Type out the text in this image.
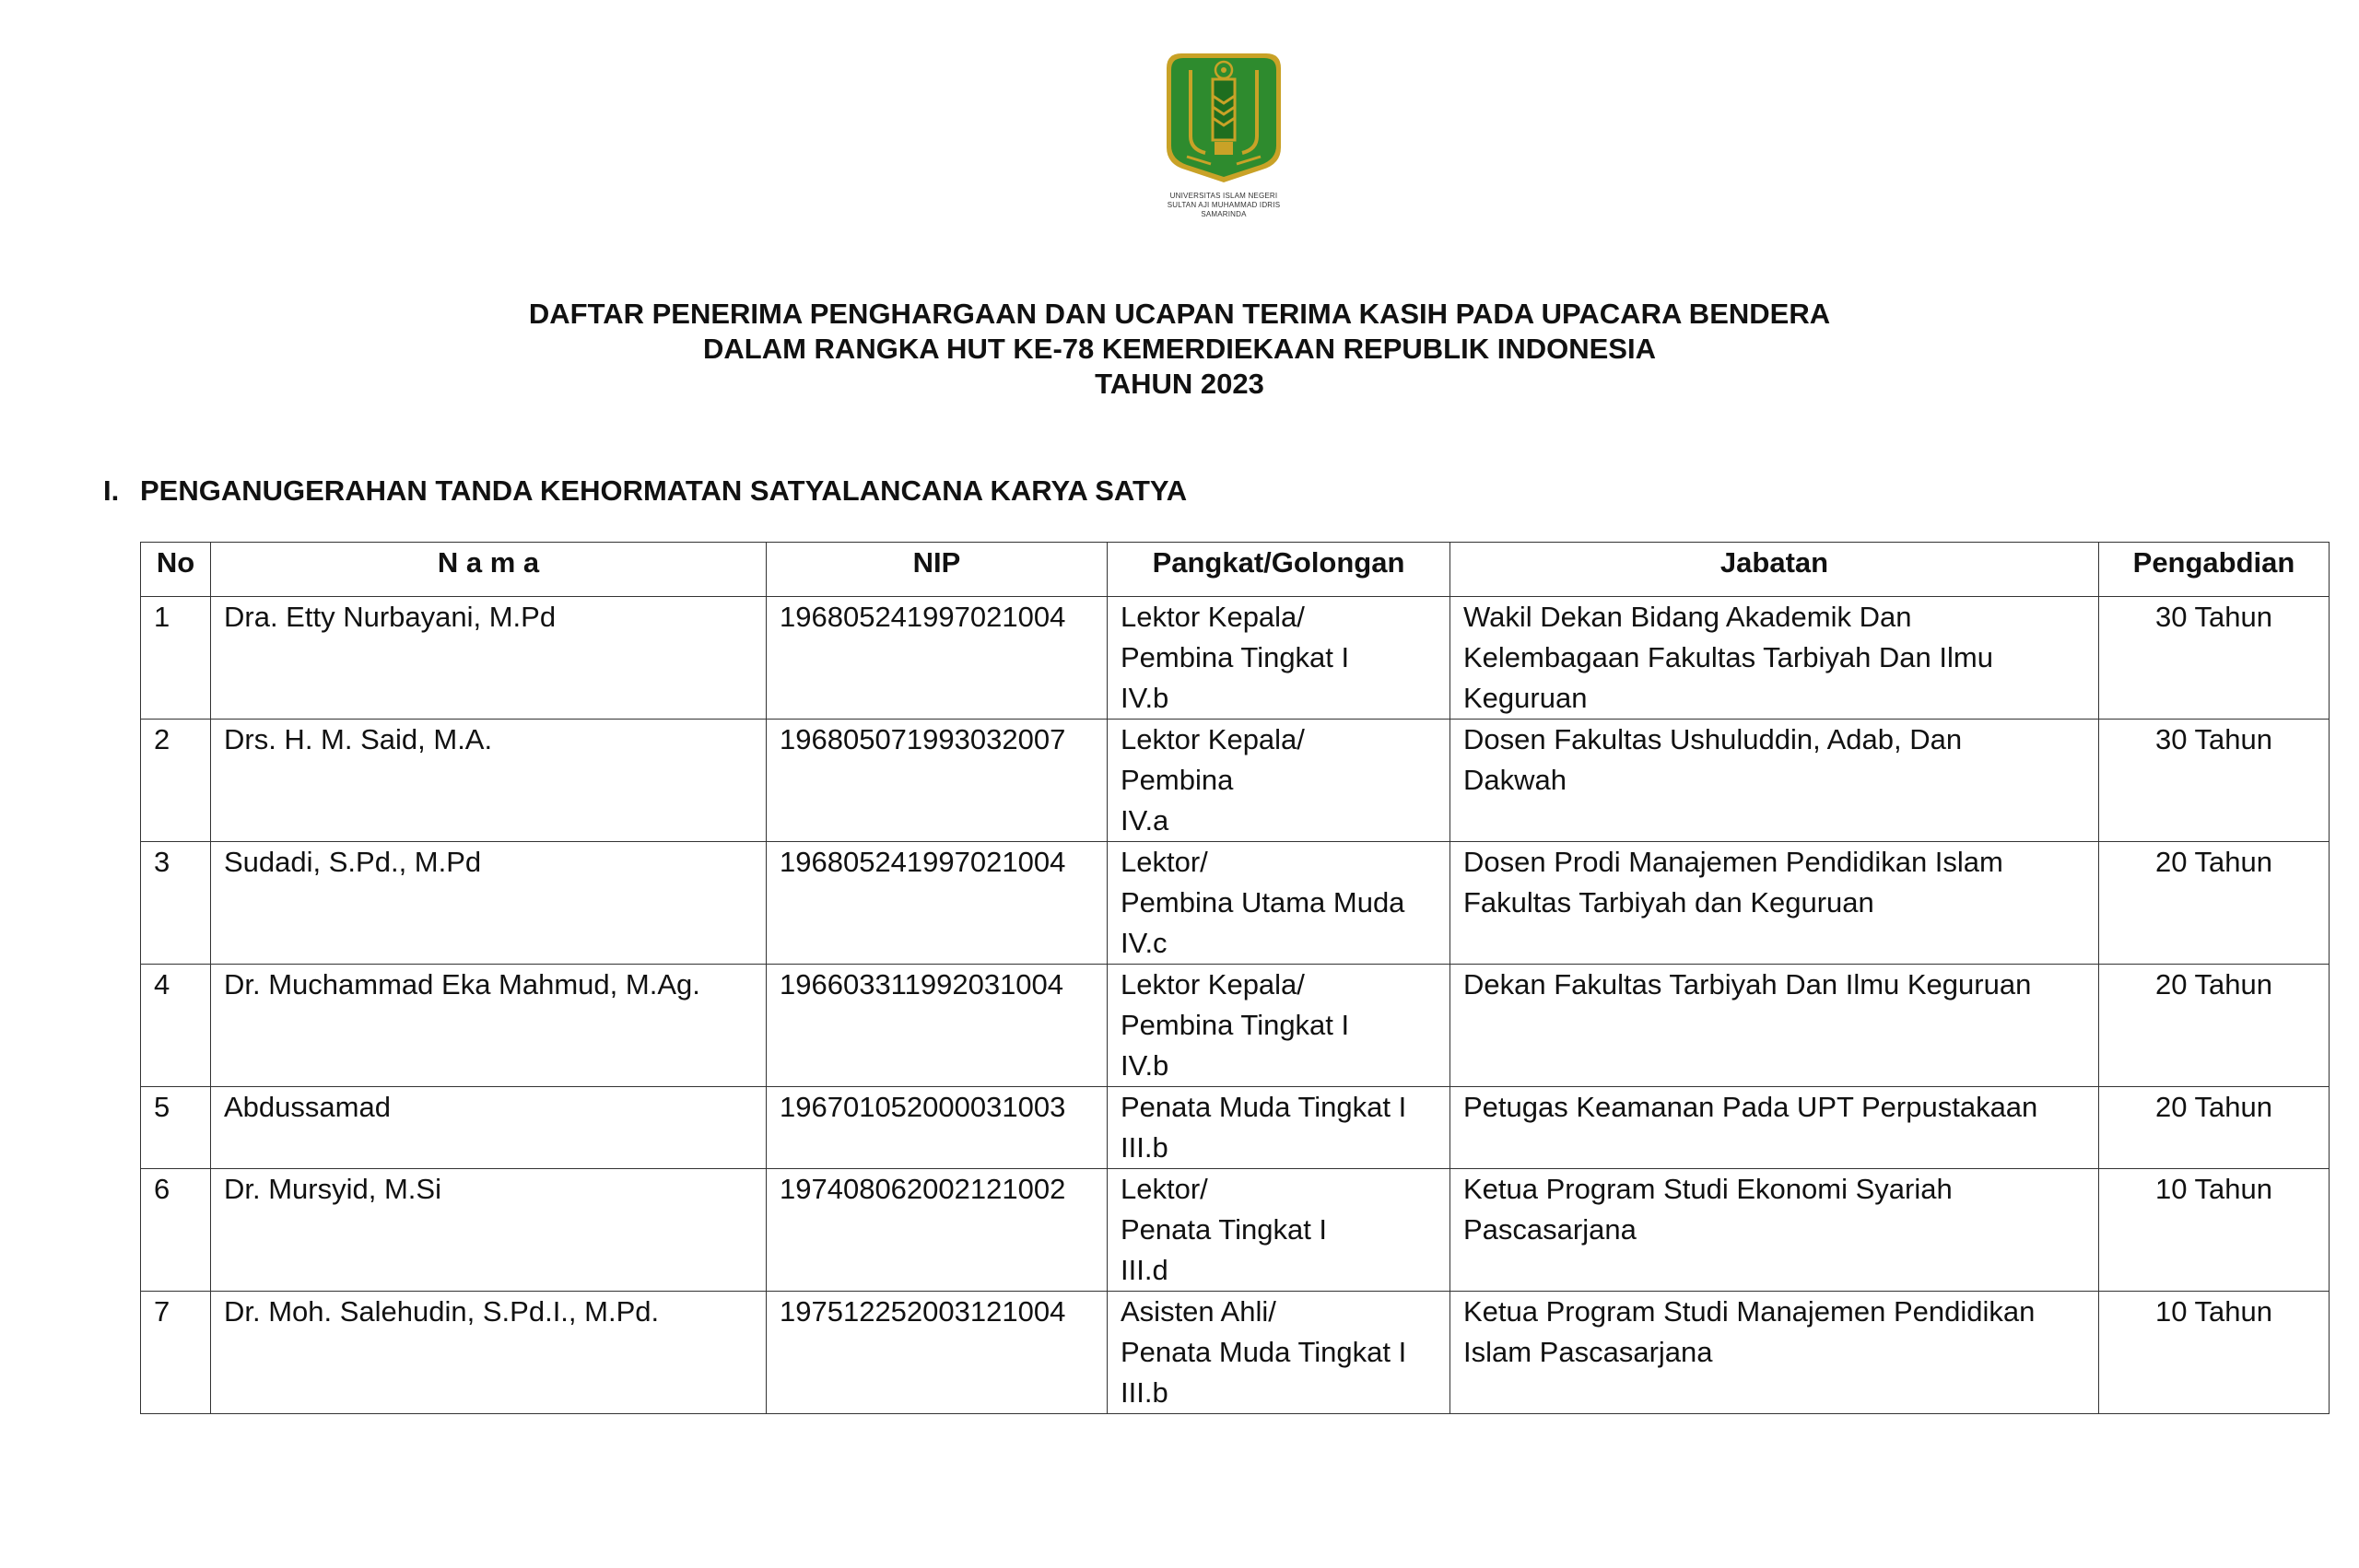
UNIVERSITAS ISLAM NEGERI
SULTAN AJI MUHAMMAD IDRIS
SAMARINDA
DAFTAR PENERIMA PENGHARGAAN DAN UCAPAN TERIMA KASIH PADA UPACARA BENDERA
DALAM RANGKA HUT KE-78 KEMERDIEKAAN REPUBLIK INDONESIA
TAHUN 2023
I. PENGANUGERAHAN TANDA KEHORMATAN SATYALANCANA KARYA SATYA
No	N a m a	NIP	Pangkat/Golongan	Jabatan	Pengabdian
1	Dra. Etty Nurbayani, M.Pd	196805241997021004	Lektor Kepala/
Pembina Tingkat I
IV.b	Wakil Dekan Bidang Akademik Dan
Kelembagaan Fakultas Tarbiyah Dan Ilmu
Keguruan	30 Tahun
2	Drs. H. M. Said, M.A.	196805071993032007	Lektor Kepala/
Pembina
IV.a	Dosen Fakultas Ushuluddin, Adab, Dan
Dakwah	30 Tahun
3	Sudadi, S.Pd., M.Pd	196805241997021004	Lektor/
Pembina Utama Muda
IV.c	Dosen Prodi Manajemen Pendidikan Islam
Fakultas Tarbiyah dan Keguruan	20 Tahun
4	Dr. Muchammad Eka Mahmud, M.Ag.	196603311992031004	Lektor Kepala/
Pembina Tingkat I
IV.b	Dekan Fakultas Tarbiyah Dan Ilmu Keguruan	20 Tahun
5	Abdussamad	196701052000031003	Penata Muda Tingkat I
III.b	Petugas Keamanan Pada UPT Perpustakaan	20 Tahun
6	Dr. Mursyid, M.Si	197408062002121002	Lektor/
Penata Tingkat I
III.d	Ketua Program Studi Ekonomi Syariah
Pascasarjana	10 Tahun
7	Dr. Moh. Salehudin, S.Pd.I., M.Pd.	197512252003121004	Asisten Ahli/
Penata Muda Tingkat I
III.b	Ketua Program Studi Manajemen Pendidikan
Islam Pascasarjana	10 Tahun
